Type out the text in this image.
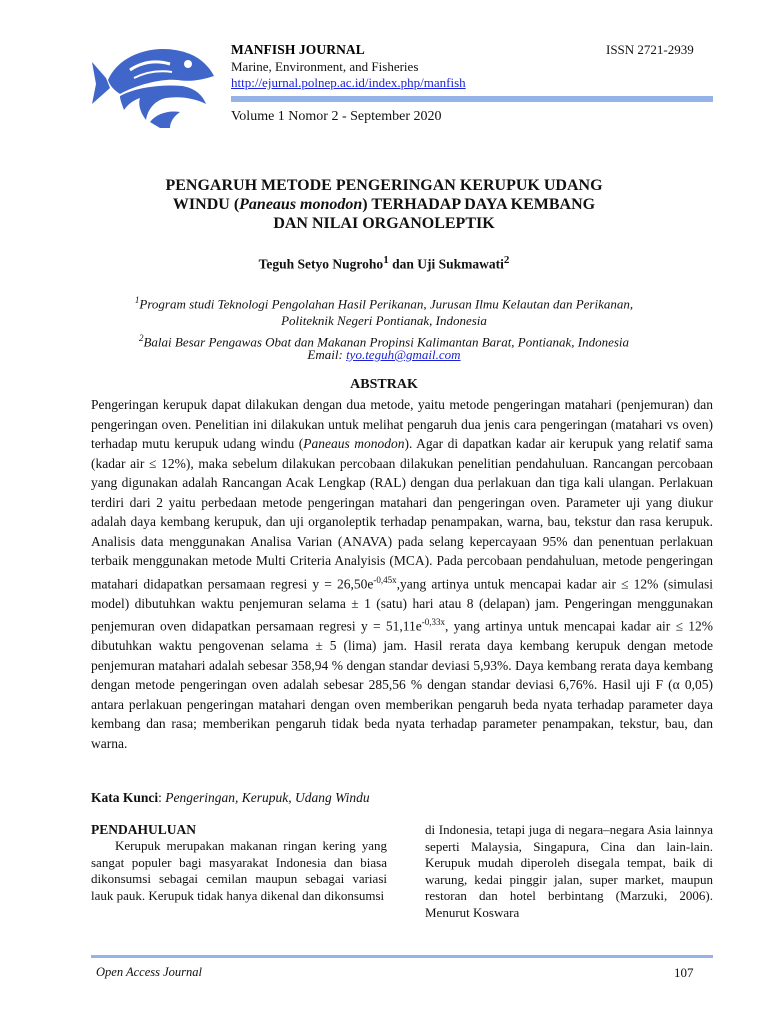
MANFISH JOURNAL
Marine, Environment, and Fisheries
http://ejurnal.polnep.ac.id/index.php/manfish
ISSN 2721-2939
Volume 1 Nomor 2 - September 2020
PENGARUH METODE PENGERINGAN KERUPUK UDANG
WINDU (Paneaus monodon) TERHADAP DAYA KEMBANG
DAN NILAI ORGANOLEPTIK
Teguh Setyo Nugroho$^1$ dan Uji Sukmawati$^2$
$^1$Program studi Teknologi Pengolahan Hasil Perikanan, Jurusan Ilmu Kelautan dan Perikanan,
Politeknik Negeri Pontianak, Indonesia
$^2$Balai Besar Pengawas Obat dan Makanan Propinsi Kalimantan Barat, Pontianak, Indonesia
Email: tyo.teguh@gmail.com
ABSTRAK

Pengeringan kerupuk dapat dilakukan dengan dua metode, yaitu metode pengeringan matahari (penjemuran) dan pengeringan oven. Penelitian ini dilakukan untuk melihat pengaruh dua jenis cara pengeringan (matahari vs oven) terhadap mutu kerupuk udang windu (Paneaus monodon). Agar di dapatkan kadar air kerupuk yang relatif sama (kadar air ≤ 12%), maka sebelum dilakukan percobaan dilakukan penelitian pendahuluan. Rancangan percobaan yang digunakan adalah Rancangan Acak Lengkap (RAL) dengan dua perlakuan dan tiga kali ulangan. Perlakuan terdiri dari 2 yaitu perbedaan metode pengeringan matahari dan pengeringan oven. Parameter uji yang diukur adalah daya kembang kerupuk, dan uji organoleptik terhadap penampakan, warna, bau, tekstur dan rasa kerupuk. Analisis data menggunakan Analisa Varian (ANAVA) pada selang kepercayaan 95% dan penentuan perlakuan terbaik menggunakan metode Multi Criteria Analyisis (MCA). Pada percobaan pendahuluan, metode pengeringan matahari didapatkan persamaan regresi $y = 26,50e^{-0,45x},yang$ artinya untuk mencapai kadar air ≤ 12% (simulasi model) dibutuhkan waktu penjemuran selama ± 1 (satu) hari atau 8 (delapan) jam. Pengeringan menggunakan penjemuran oven didapatkan persamaan regresi $y = 51,11e^{-0,33x}$, yang artinya untuk mencapai kadar air ≤ 12% dibutuhkan waktu pengovenan selama ± 5 (lima) jam. Hasil rerata daya kembang kerupuk dengan metode penjemuran matahari adalah sebesar 358,94 % dengan standar deviasi 5,93%. Daya kembang rerata daya kembang dengan metode pengeringan oven adalah sebesar 285,56 % dengan standar deviasi 6,76%. Hasil uji F (α 0,05) antara perlakuan pengeringan matahari dengan oven memberikan pengaruh beda nyata terhadap parameter daya kembang dan rasa; memberikan pengaruh tidak beda nyata terhadap parameter penampakan, tekstur, bau, dan warna.

Kata Kunci: Pengeringan, Kerupuk, Udang Windu
PENDAHULUAN

Kerupuk merupakan makanan ringan kering yang sangat populer bagi masyarakat Indonesia dan biasa dikonsumsi sebagai cemilan maupun sebagai variasi lauk pauk. Kerupuk tidak hanya dikenal dan dikonsumsi

di Indonesia, tetapi juga di negara–negara Asia lainnya seperti Malaysia, Singapura, Cina dan lain-lain. Kerupuk mudah diperoleh disegala tempat, baik di warung, kedai pinggir jalan, super market, maupun restoran dan hotel berbintang (Marzuki, 2006). Menurut Koswara

Open Access Journal	107
